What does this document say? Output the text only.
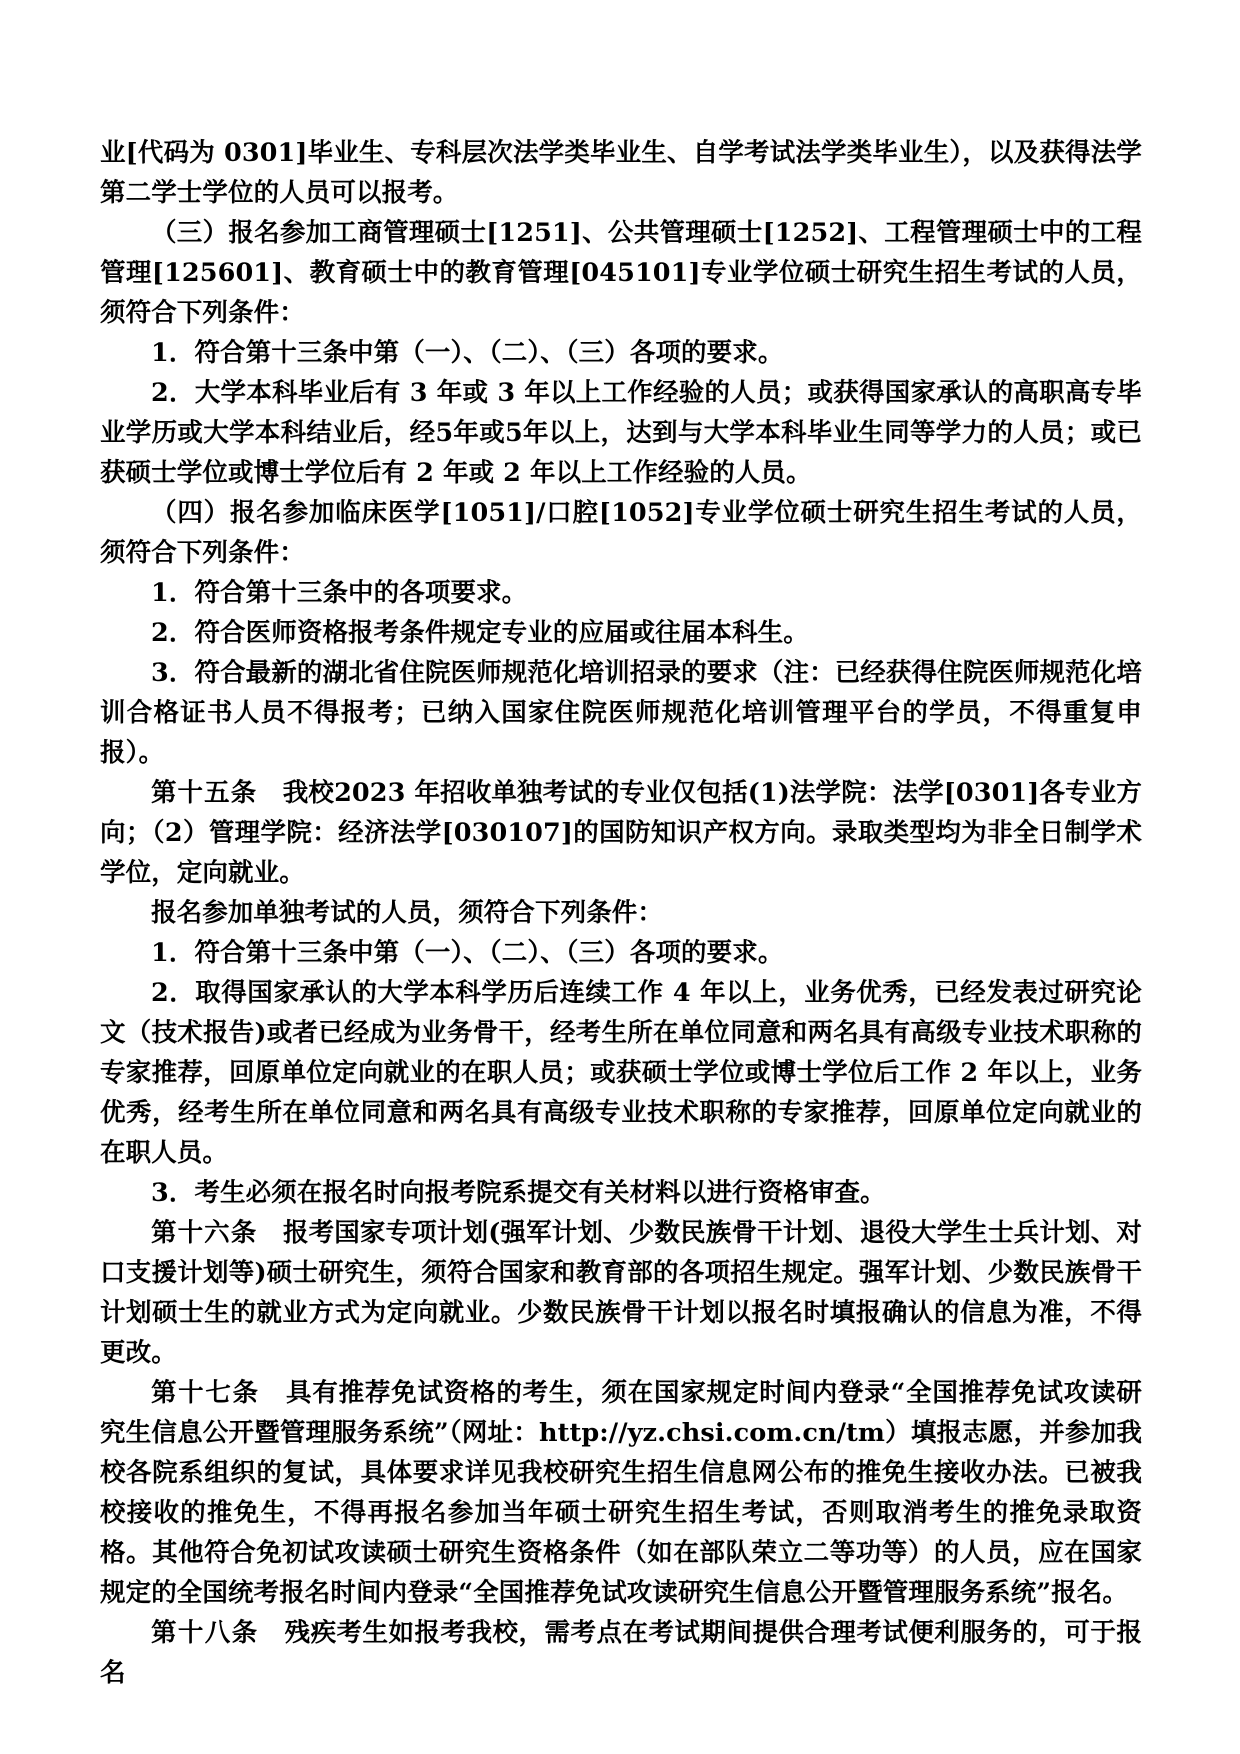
业[代码为 0301]毕业生、专科层次法学类毕业生、自学考试法学类毕业生），以及获得法学第二学士学位的人员可以报考。

（三）报名参加工商管理硕士[1251]、公共管理硕士[1252]、工程管理硕士中的工程管理[125601]、教育硕士中的教育管理[045101]专业学位硕士研究生招生考试的人员，须符合下列条件：

1．符合第十三条中第（一）、（二）、（三）各项的要求。

2．大学本科毕业后有 3 年或 3 年以上工作经验的人员；或获得国家承认的高职高专毕业学历或大学本科结业后，经5年或5年以上，达到与大学本科毕业生同等学力的人员；或已获硕士学位或博士学位后有 2 年或 2 年以上工作经验的人员。

（四）报名参加临床医学[1051]/口腔[1052]专业学位硕士研究生招生考试的人员，须符合下列条件：

1．符合第十三条中的各项要求。

2．符合医师资格报考条件规定专业的应届或往届本科生。

3．符合最新的湖北省住院医师规范化培训招录的要求（注：已经获得住院医师规范化培训合格证书人员不得报考；已纳入国家住院医师规范化培训管理平台的学员，不得重复申报）。

第十五条　 我校2023 年招收单独考试的专业仅包括(1)法学院：法学[0301]各专业方向；（2）管理学院：经济法学[030107]的国防知识产权方向。录取类型均为非全日制学术学位，定向就业。

报名参加单独考试的人员，须符合下列条件：

1．符合第十三条中第（一）、（二）、（三）各项的要求。

2．取得国家承认的大学本科学历后连续工作 4 年以上，业务优秀，已经发表过研究论文（技术报告)或者已经成为业务骨干，经考生所在单位同意和两名具有高级专业技术职称的专家推荐，回原单位定向就业的在职人员；或获硕士学位或博士学位后工作 2 年以上，业务优秀，经考生所在单位同意和两名具有高级专业技术职称的专家推荐，回原单位定向就业的在职人员。

3．考生必须在报名时向报考院系提交有关材料以进行资格审查。

第十六条　 报考国家专项计划(强军计划、少数民族骨干计划、退役大学生士兵计划、对口支援计划等)硕士研究生，须符合国家和教育部的各项招生规定。强军计划、少数民族骨干计划硕士生的就业方式为定向就业。少数民族骨干计划以报名时填报确认的信息为准，不得更改。

第十七条　 具有推荐免试资格的考生，须在国家规定时间内登录“全国推荐免试攻读研究生信息公开暨管理服务系统”（网址：http://yz.chsi.com.cn/tm）填报志愿，并参加我校各院系组织的复试，具体要求详见我校研究生招生信息网公布的推免生接收办法。已被我校接收的推免生，不得再报名参加当年硕士研究生招生考试，否则取消考生的推免录取资格。其他符合免初试攻读硕士研究生资格条件（如在部队荣立二等功等）的人员，应在国家规定的全国统考报名时间内登录“全国推荐免试攻读研究生信息公开暨管理服务系统”报名。

第十八条　 残疾考生如报考我校，需考点在考试期间提供合理考试便利服务的，可于报名
